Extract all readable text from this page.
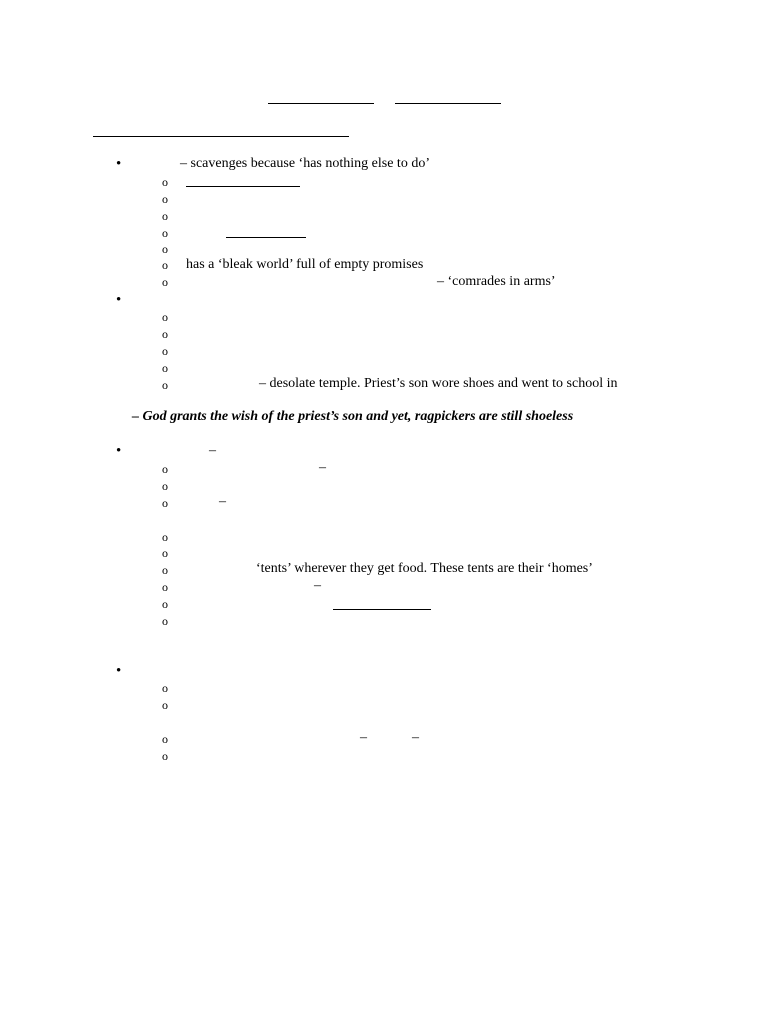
•	– scavenges because ‘has nothing else to do’
o
o
o
o
o
o has a ‘bleak world’ full of empty promises
o	– ‘comrades in arms’
•
o
o
o
o
o	– desolate temple. Priest’s son wore shoes and went to school in
– God grants the wish of the priest’s son and yet, ragpickers are still shoeless
•	–
o	–
o
o	–
o
o
o	‘tents’ wherever they get food. These tents are their ‘homes’
o	–
o
o
•
o
o
o	–	–
o
